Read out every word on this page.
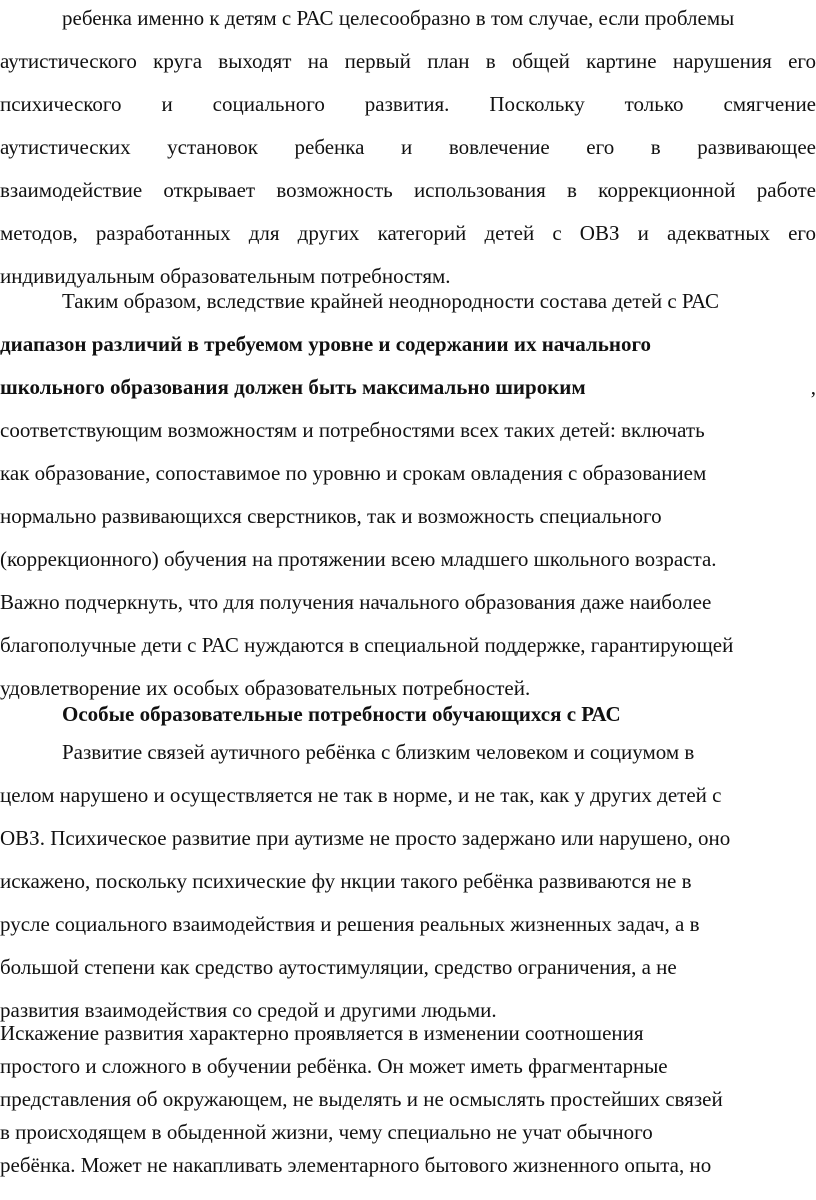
ребенка именно к детям с РАС целесообразно в том случае, если проблемы
аутистического круга выходят на первый план в общей картине нарушения его
психического и социального развития. Поскольку только смягчение
аутистических установок ребенка и вовлечение его в развивающее
взаимодействие открывает возможность использования в коррекционной работе
методов, разработанных для других категорий детей с ОВЗ и адекватных его
индивидуальным образовательным потребностям.
Таким образом, вследствие крайней неоднородности состава детей с РАС
диапазон различий в требуемом уровне и содержании их начального
школьного образования должен быть максимально широким	,
соответствующим возможностям и потребностями всех таких детей: включать
как образование, сопоставимое по уровню и срокам овладения с образованием
нормально развивающихся сверстников, так и возможность специального
(коррекционного) обучения на протяжении всею младшего школьного возраста.
Важно подчеркнуть, что для получения начального образования даже наиболее
благополучные дети с РАС нуждаются в специальной поддержке, гарантирующей
удовлетворение их особых образовательных потребностей.
Особые образовательные потребности обучающихся с РАС
Развитие связей аутичного ребёнка с близким человеком и социумом в
целом нарушено и осуществляется не так в норме, и не так, как у других детей с
ОВЗ. Психическое развитие при аутизме не просто задержано или нарушено, оно
искажено, поскольку психические фу нкции такого ребёнка развиваются не в
русле социального взаимодействия и решения реальных жизненных задач, а в
большой степени как средство аутостимуляции, средство ограничения, а не
развития взаимодействия со средой и другими людьми.
Искажение развития характерно проявляется в изменении соотношения
простого и сложного в обучении ребёнка. Он может иметь фрагментарные
представления об окружающем, не выделять и не осмыслять простейших связей
в происходящем в обыденной жизни, чему специально не учат обычного
ребёнка. Может не накапливать элементарного бытового жизненного опыта, но
